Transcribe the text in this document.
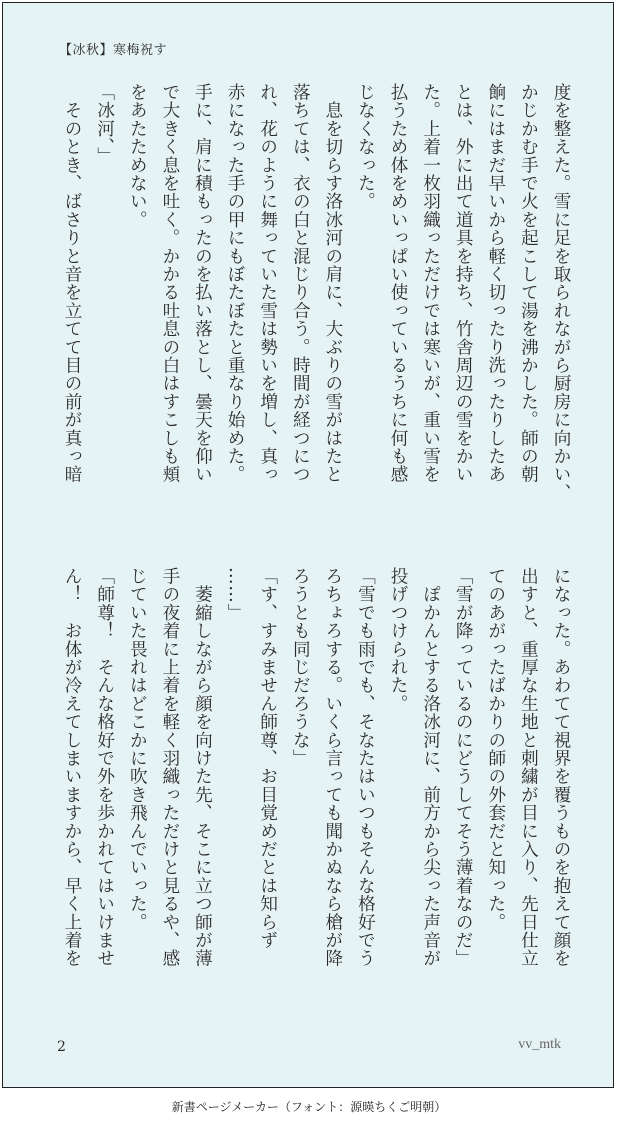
【冰秋】寒梅祝す

度を整えた。雪に足を取られながら厨房に向かい、

かじかむ手で火を起こして湯を沸かした。師の朝

餉にはまだ早いから軽く切ったり洗ったりしたあ

とは、外に出て道具を持ち、竹舎周辺の雪をかい

た。上着一枚羽織っただけでは寒いが、重い雪を

払うため体をめいっぱい使っているうちに何も感

じなくなった。

　息を切らす洛冰河の肩に、大ぶりの雪がはたと

落ちては、衣の白と混じり合う。時間が経つにつ

れ、花のように舞っていた雪は勢いを増し、真っ

赤になった手の甲にもぼたぼたと重なり始めた。

手に、肩に積もったのを払い落とし、曇天を仰い

で大きく息を吐く。かかる吐息の白はすこしも頬

をあたためない。

「冰河、」

　そのとき、ばさりと音を立てて目の前が真っ暗

になった。あわてて視界を覆うものを抱えて顔を

出すと、重厚な生地と刺繍が目に入り、先日仕立

てのあがったばかりの師の外套だと知った。

「雪が降っているのにどうしてそう薄着なのだ」

　ぽかんとする洛冰河に、前方から尖った声音が

投げつけられた。

「雪でも雨でも、そなたはいつもそんな格好でう

ろちょろする。いくら言っても聞かぬなら槍が降

ろうとも同じだろうな」

「す、すみません師尊、お目覚めだとは知らず

……」

　萎縮しながら顔を向けた先、そこに立つ師が薄

手の夜着に上着を軽く羽織っただけと見るや、感

じていた畏れはどこかに吹き飛んでいった。

「師尊！　そんな格好で外を歩かれてはいけませ

ん！　お体が冷えてしまいますから、早く上着を

2	vv_mtk
新書ページメーカー（フォント：源暎ちくご明朝）
